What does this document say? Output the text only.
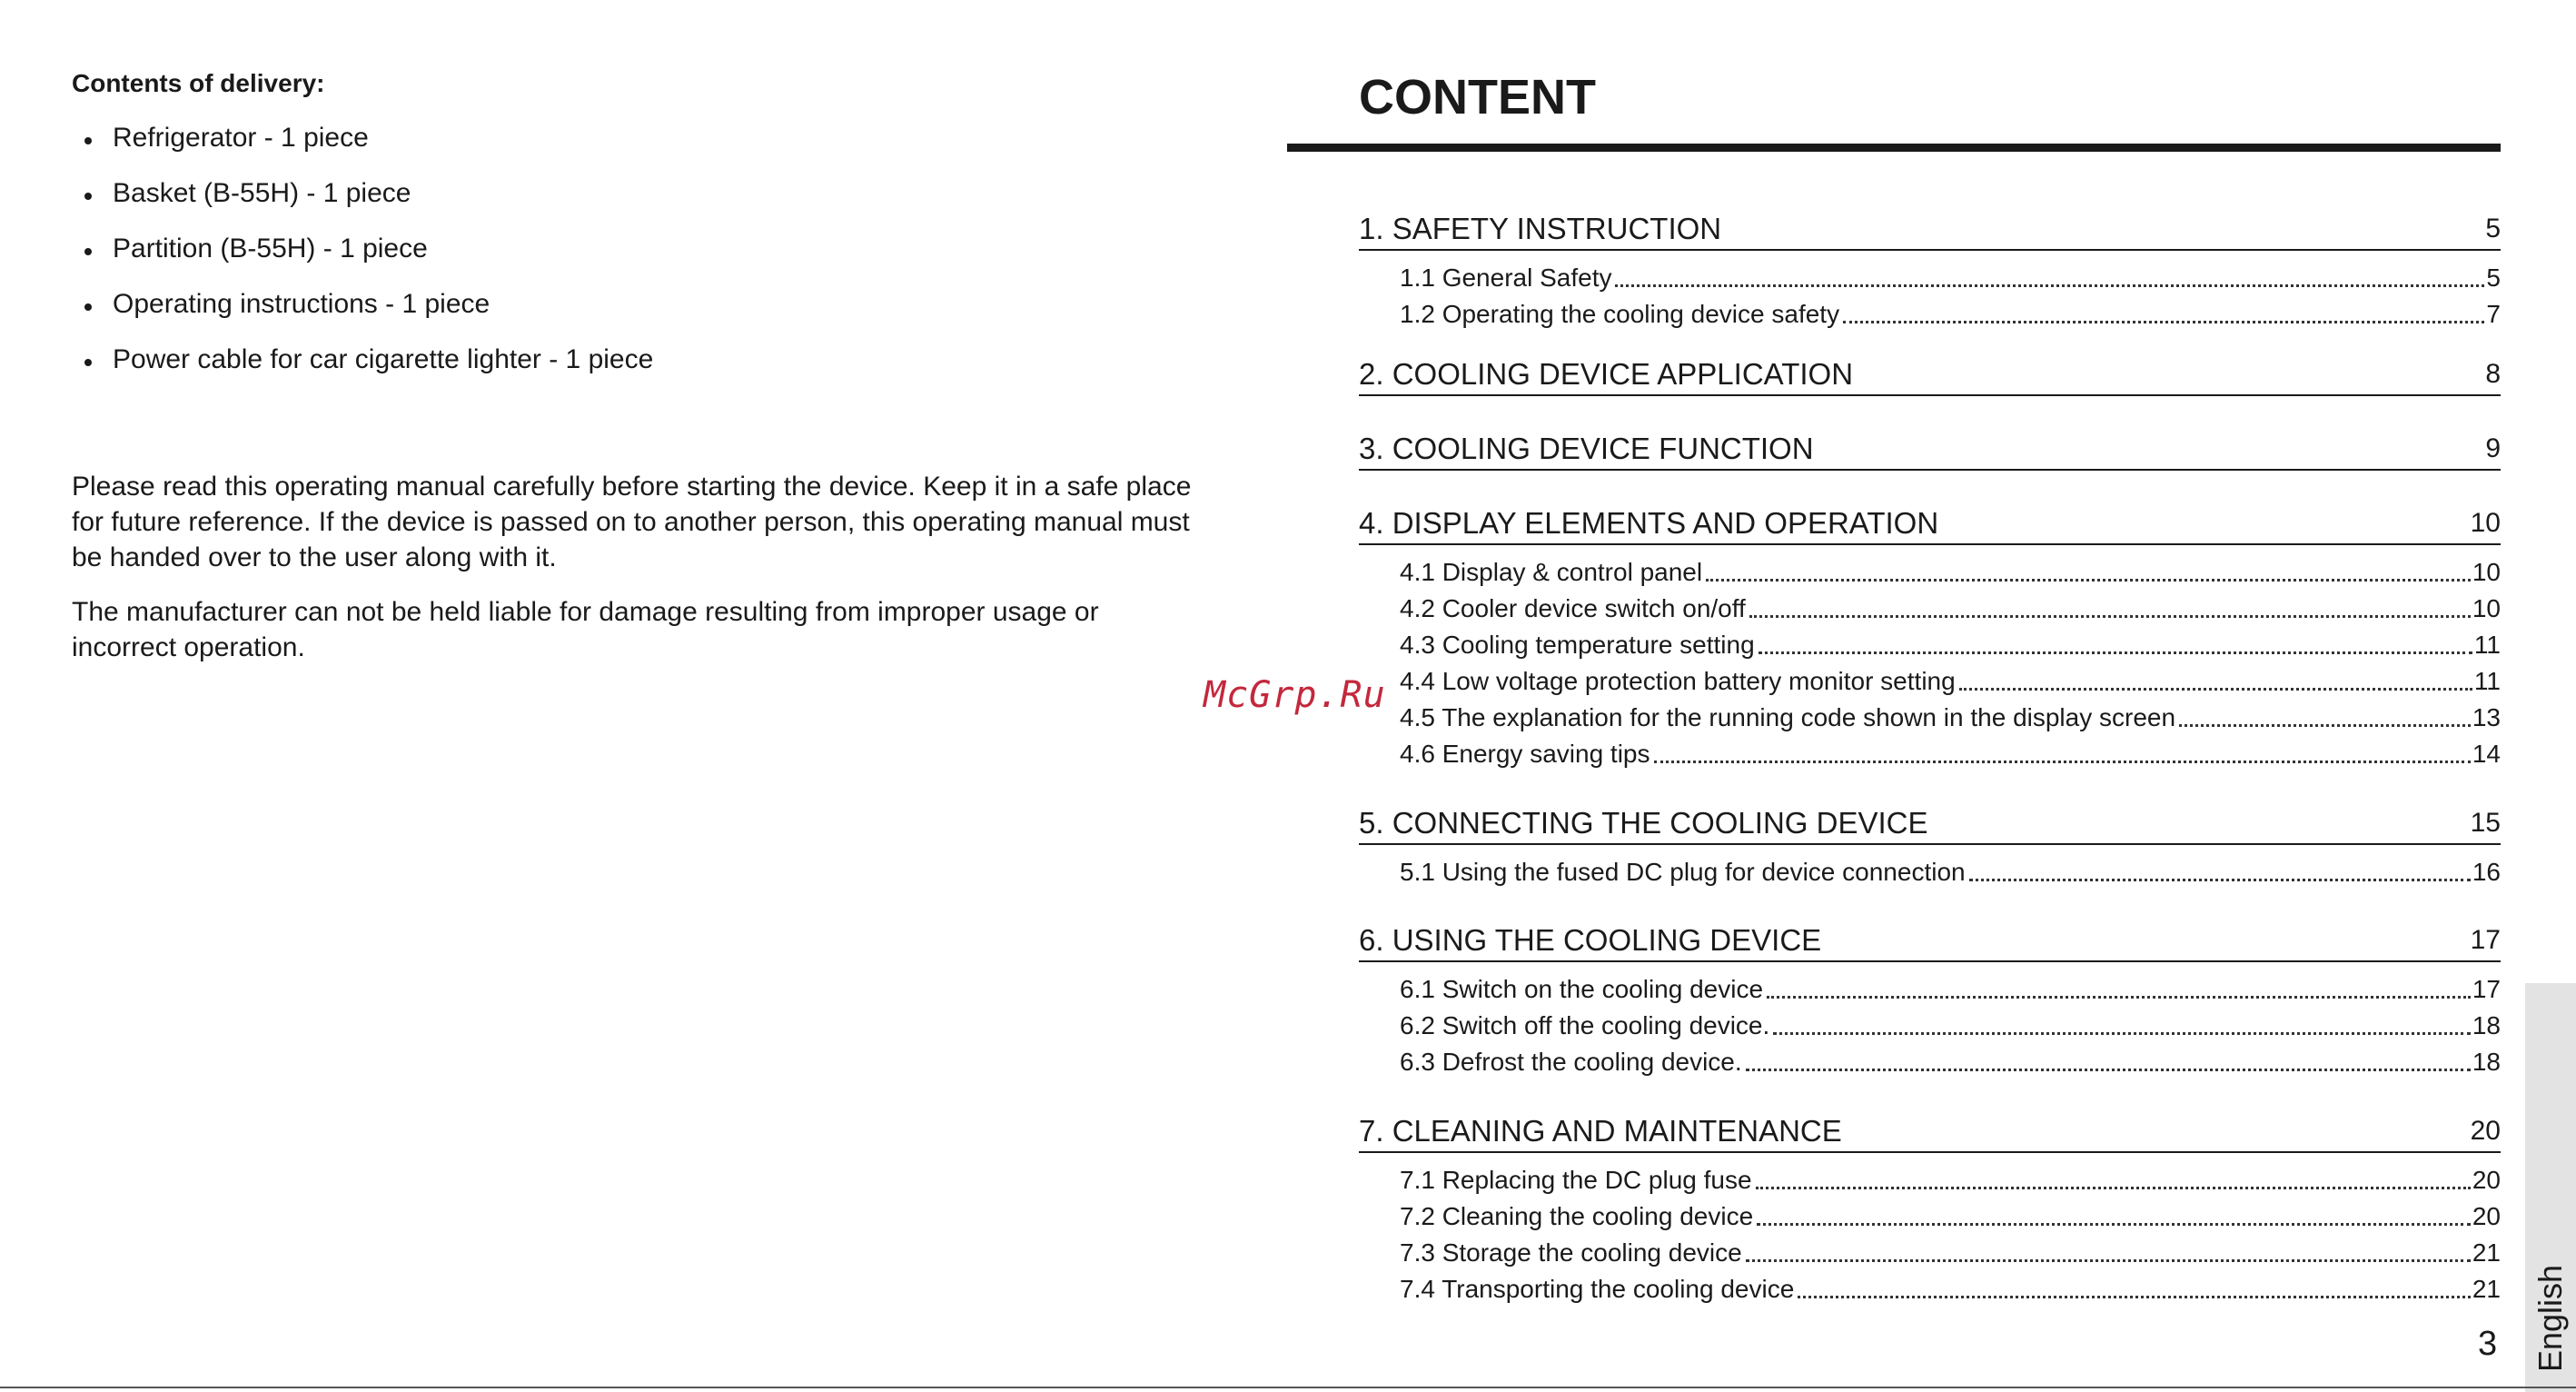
Contents of delivery:
Refrigerator - 1 piece
Basket (B-55H) - 1 piece
Partition (B-55H) - 1 piece
Operating instructions - 1 piece
Power cable for car cigarette lighter - 1 piece

Please read this operating manual carefully before starting the device. Keep it in a safe place for future reference. If the device is passed on to another person, this operating manual must be handed over to the user along with it.

The manufacturer can not be held liable for damage resulting from improper usage or incorrect operation.

McGrp.Ru
CONTENT
1. SAFETY INSTRUCTION	5
1.1 General Safety	5
1.2 Operating the cooling device safety	7
2. COOLING DEVICE APPLICATION	8
3. COOLING DEVICE FUNCTION	9
4. DISPLAY ELEMENTS AND OPERATION	10
4.1 Display & control panel	10
4.2 Cooler device switch on/off	10
4.3 Cooling temperature setting	11
4.4 Low voltage protection battery monitor setting	11
4.5 The explanation for the running code shown in the display screen	13
4.6 Energy saving tips	14
5. CONNECTING THE COOLING DEVICE	15
5.1 Using the fused DC plug for device connection	16
6. USING THE COOLING DEVICE	17
6.1 Switch on the cooling device	17
6.2 Switch off the cooling device.	18
6.3 Defrost the cooling device.	18
7. CLEANING AND MAINTENANCE	20
7.1 Replacing the DC plug fuse	20
7.2 Cleaning the cooling device	20
7.3 Storage the cooling device	21
7.4 Transporting the cooling device	21 English
3
